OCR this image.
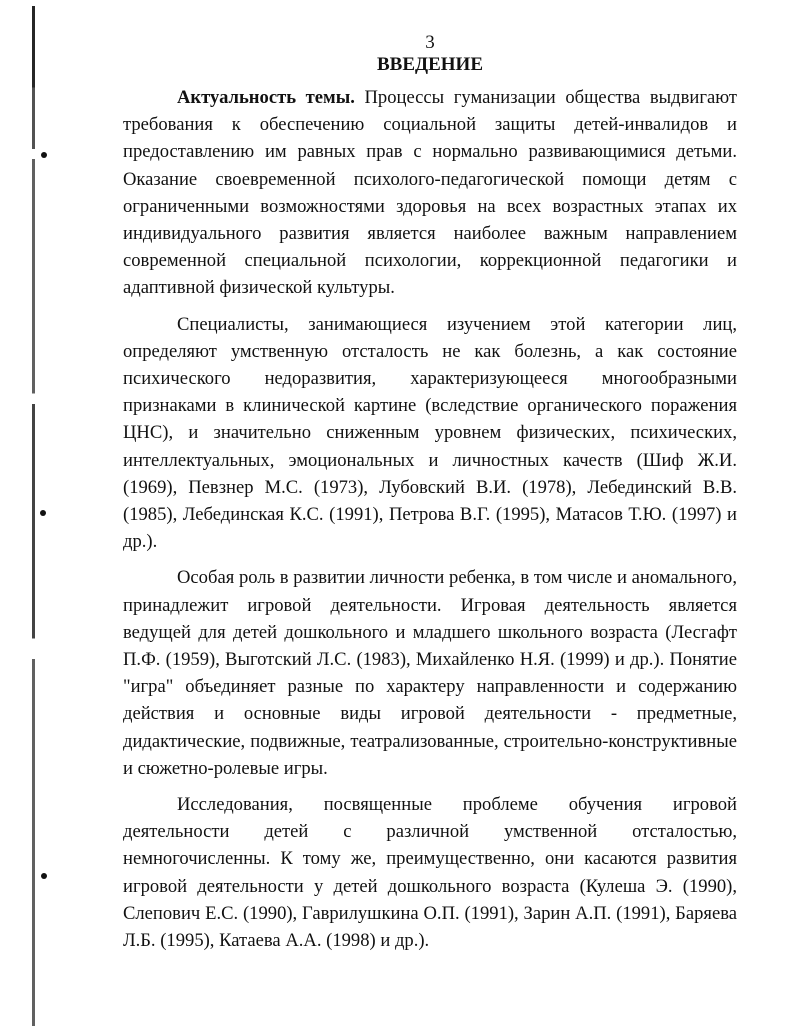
3
ВВЕДЕНИЕ

Актуальность темы. Процессы гуманизации общества выдвигают требования к обеспечению социальной защиты детей-инвалидов и предоставлению им равных прав с нормально развивающимися детьми. Оказание своевременной психолого-педагогической помощи детям с ограниченными возможностями здоровья на всех возрастных этапах их индивидуального развития является наиболее важным направлением современной специальной психологии, коррекционной педагогики и адаптивной физической культуры.

Специалисты, занимающиеся изучением этой категории лиц, определяют умственную отсталость не как болезнь, а как состояние психического недоразвития, характеризующееся многообразными признаками в клинической картине (вследствие органического поражения ЦНС), и значительно сниженным уровнем физических, психических, интеллектуальных, эмоциональных и личностных качеств (Шиф Ж.И. (1969), Певзнер М.С. (1973), Лубовский В.И. (1978), Лебединский В.В. (1985), Лебединская К.С. (1991), Петрова В.Г. (1995), Матасов Т.Ю. (1997) и др.).

Особая роль в развитии личности ребенка, в том числе и аномального, принадлежит игровой деятельности. Игровая деятельность является ведущей для детей дошкольного и младшего школьного возраста (Лесгафт П.Ф. (1959), Выготский Л.С. (1983), Михайленко Н.Я. (1999) и др.). Понятие "игра" объединяет разные по характеру направленности и содержанию действия и основные виды игровой деятельности - предметные, дидактические, подвижные, театрализованные, строительно-конструктивные и сюжетно-ролевые игры.

Исследования, посвященные проблеме обучения игровой деятельности детей с различной умственной отсталостью, немногочисленны. К тому же, преимущественно, они касаются развития игровой деятельности у детей дошкольного возраста (Кулеша Э. (1990), Слепович Е.С. (1990), Гаврилушкина О.П. (1991), Зарин А.П. (1991), Баряева Л.Б. (1995), Катаева А.А. (1998) и др.).
